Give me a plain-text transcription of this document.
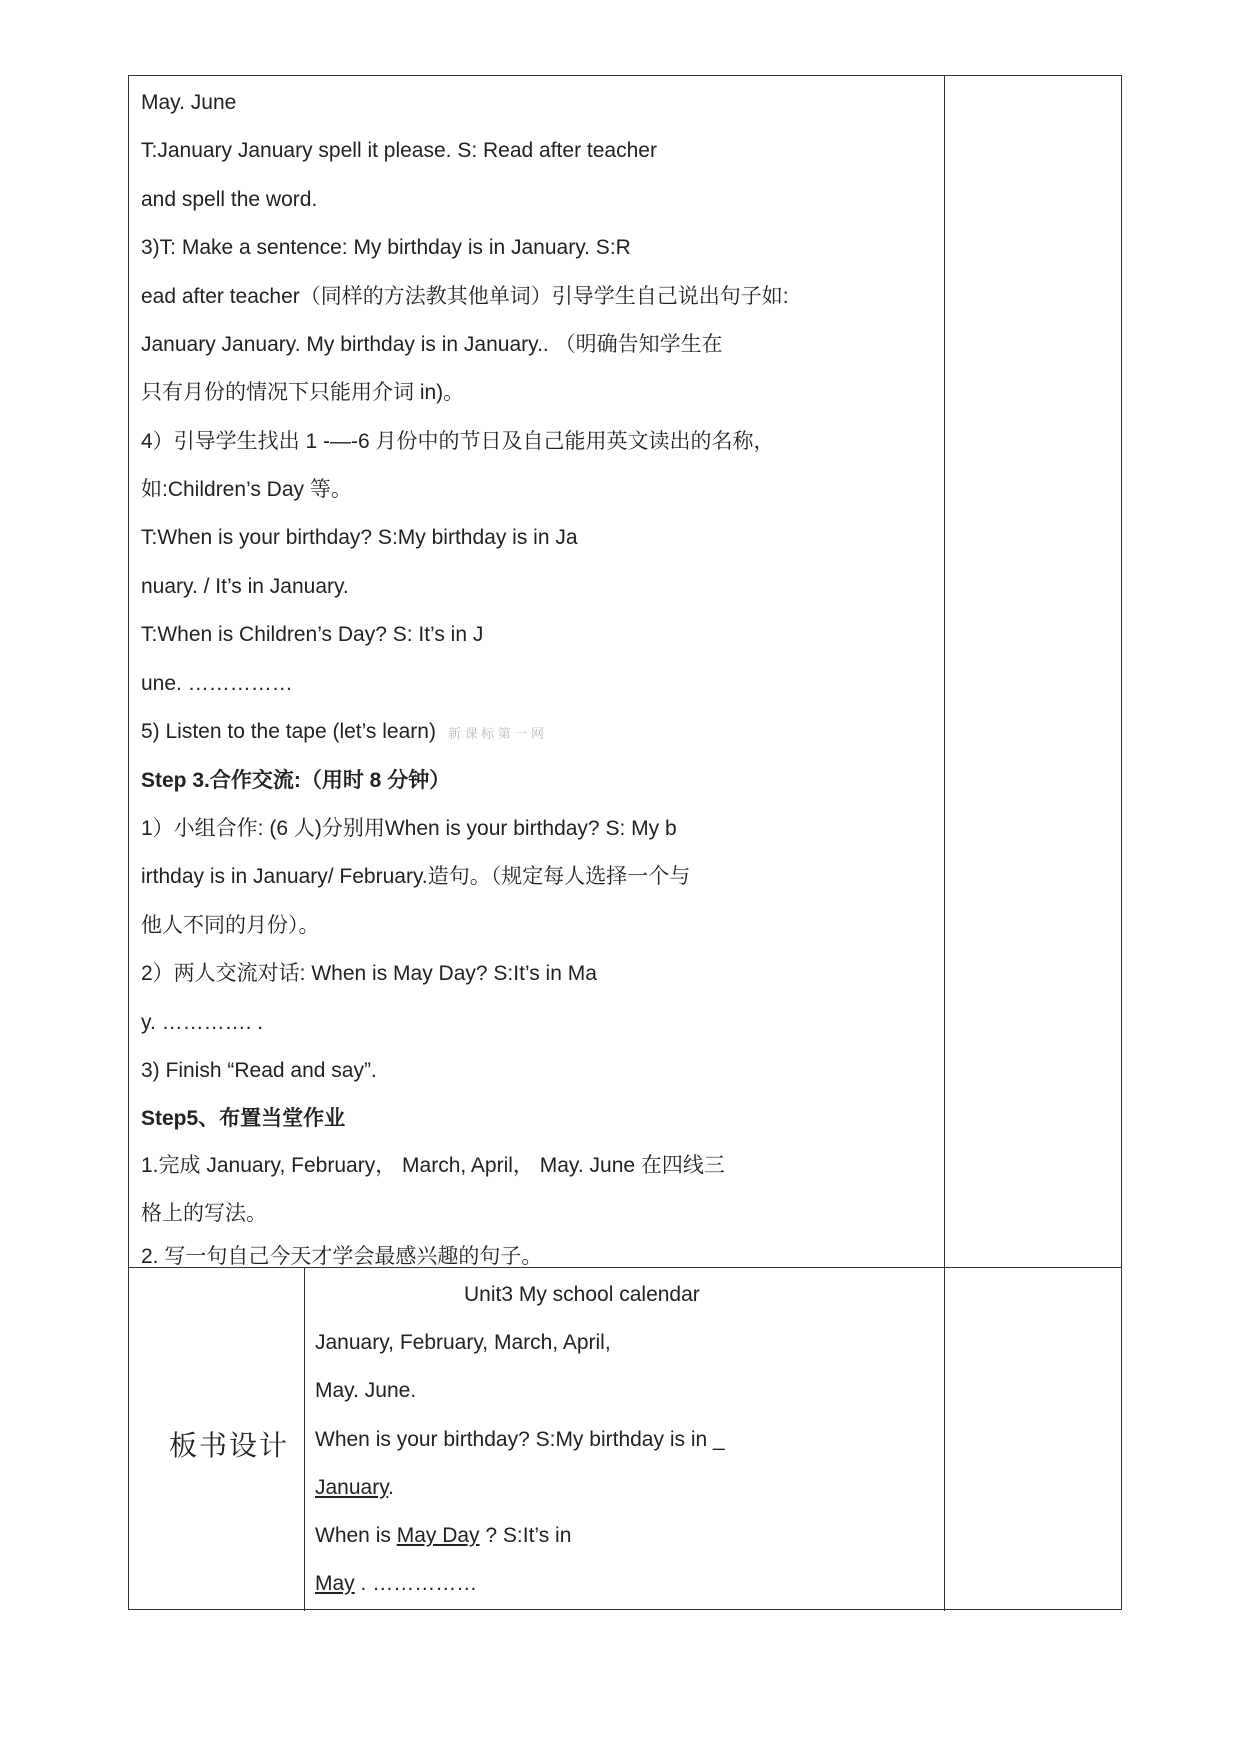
May. June
T:January January spell it please. S: Read after teacher
and spell the word.
3)T: Make a sentence: My birthday is in January. S:R
ead after teacher（同样的方法教其他单词）引导学生自己说出句子如:
January January. My birthday is in January.. （明确告知学生在
只有月份的情况下只能用介词 in)。
4）引导学生找出 1 -—-6 月份中的节日及自己能用英文读出的名称，
如:Children’s Day 等。
T:When is your birthday? S:My birthday is in Ja
nuary. / It’s in January.
T:When is Children’s Day? S: It’s in J
une. ……………
5) Listen to the tape (let’s learn) 新 课 标 第 一 网
Step 3.合作交流:（用时 8 分钟）
1）小组合作: (6 人)分别用When is your birthday? S: My b
irthday is in January/ February.造句。（规定每人选择一个与
他人不同的月份）。
2）两人交流对话: When is May Day? S:It’s in Ma
y. …………. .
3) Finish “Read and say”.
Step5、布置当堂作业
1.完成 January, February， March, April， May. June 在四线三
格上的写法。
2. 写一句自己今天才学会最感兴趣的句子。
板书设计
Unit3 My school calendar
January, February, March, April,
May. June.
When is your birthday? S:My birthday is in _
January.
When is May Day ? S:It’s in
May . ……………
